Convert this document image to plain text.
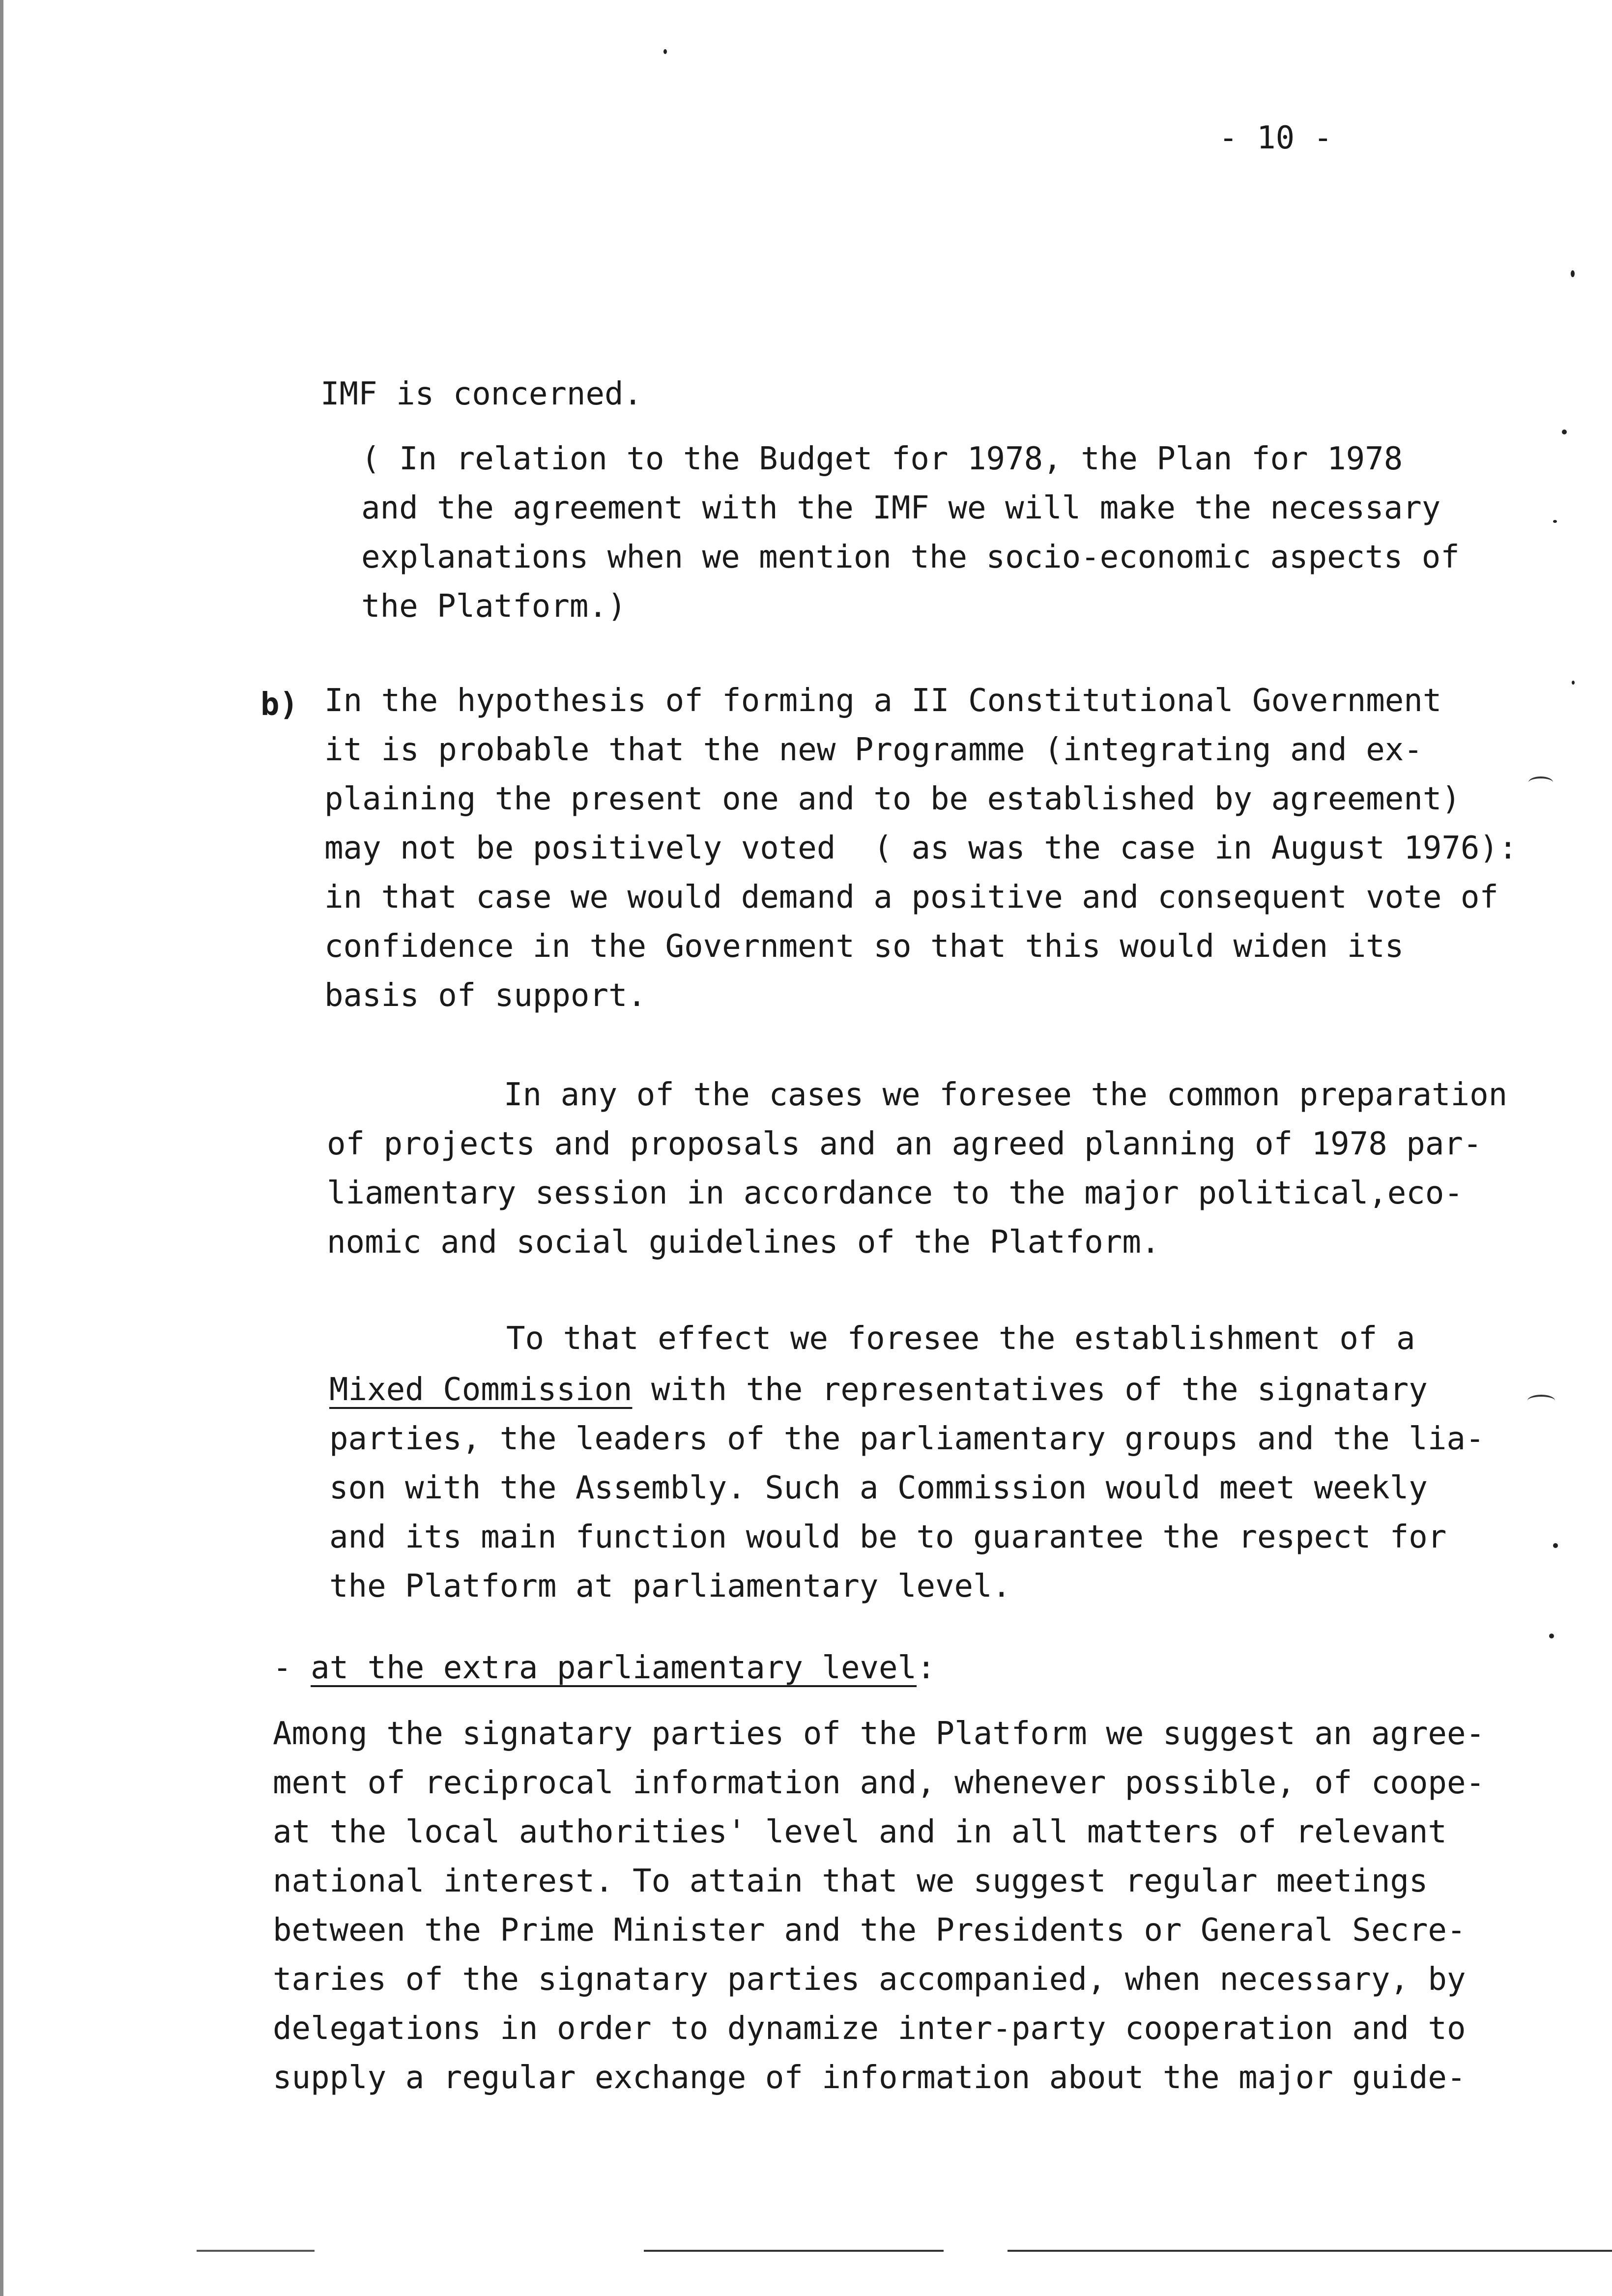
- 10 -
IMF is concerned.
( In relation to the Budget for 1978, the Plan for 1978
and the agreement with the IMF we will make the necessary
explanations when we mention the socio-economic aspects of
the Platform.)
b) In the hypothesis of forming a II Constitutional Government
it is probable that the new Programme (integrating and ex-
plaining the present one and to be established by agreement)
may not be positively voted  ( as was the case in August 1976):
in that case we would demand a positive and consequent vote of
confidence in the Government so that this would widen its
basis of support.
In any of the cases we foresee the common preparation
of projects and proposals and an agreed planning of 1978 par-
liamentary session in accordance to the major political,eco-
nomic and social guidelines of the Platform.
To that effect we foresee the establishment of a
Mixed Commission with the representatives of the signatary
parties, the leaders of the parliamentary groups and the lia-
son with the Assembly. Such a Commission would meet weekly
and its main function would be to guarantee the respect for
the Platform at parliamentary level.
- at the extra parliamentary level:
Among the signatary parties of the Platform we suggest an agree-
ment of reciprocal information and, whenever possible, of coope-
at the local authorities' level and in all matters of relevant
national interest. To attain that we suggest regular meetings
between the Prime Minister and the Presidents or General Secre-
taries of the signatary parties accompanied, when necessary, by
delegations in order to dynamize inter-party cooperation and to
supply a regular exchange of information about the major guide-
